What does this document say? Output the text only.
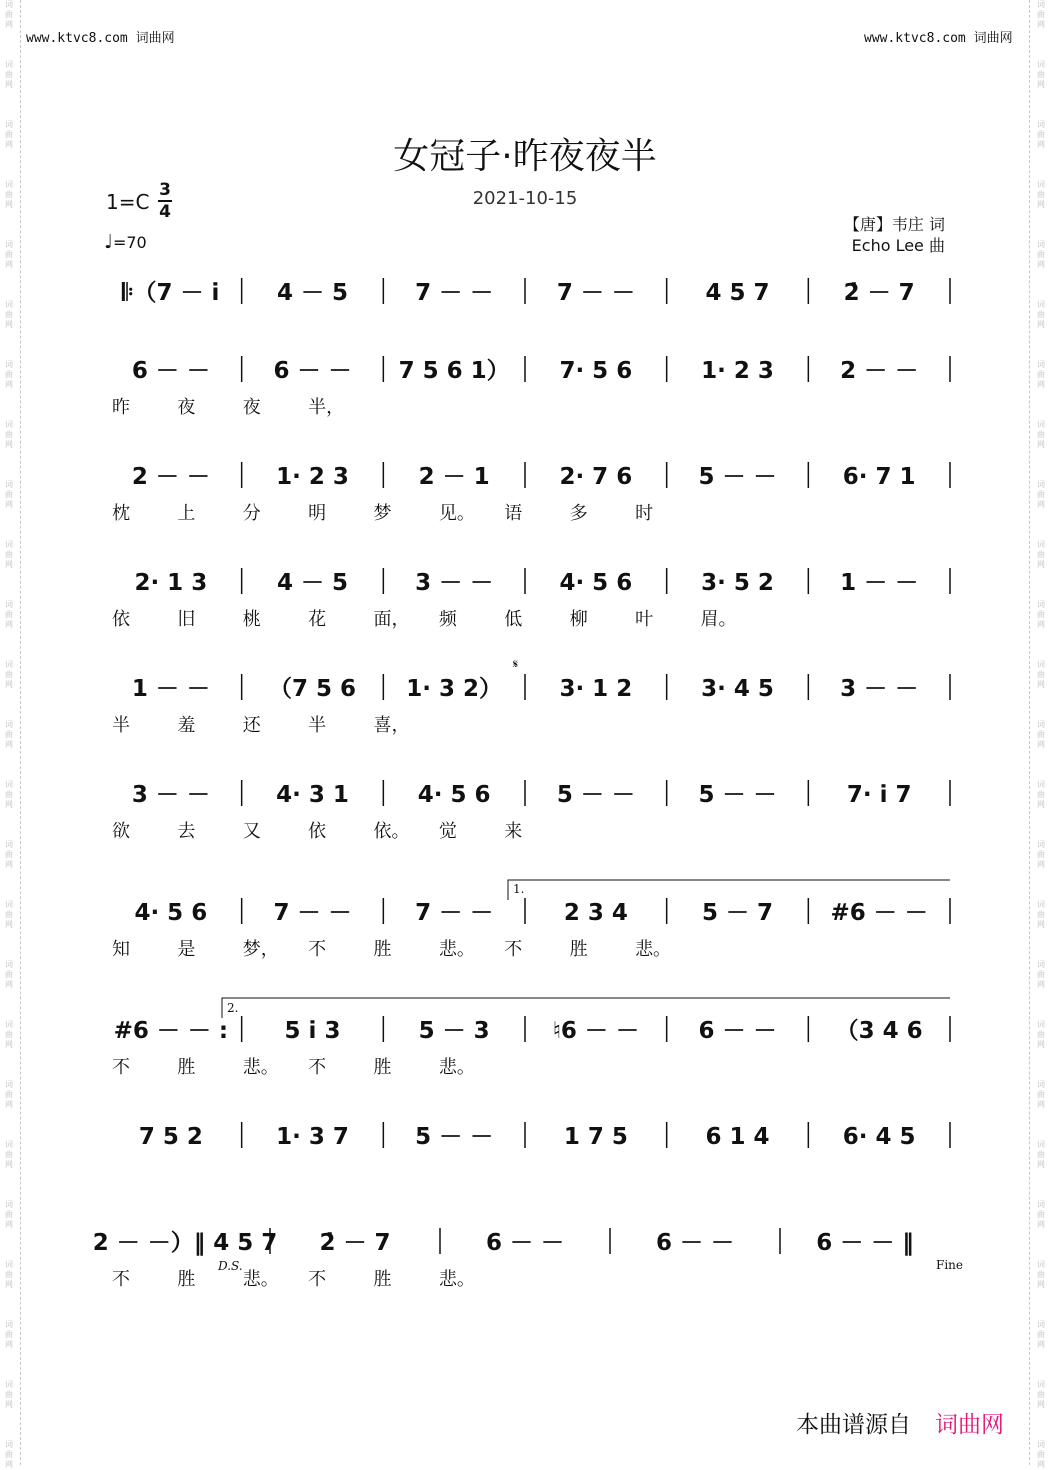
词
曲
网
词
曲
网
词
曲
网
词
曲
网
词
曲
网
词
曲
网
词
曲
网
词
曲
网
词
曲
网
词
曲
网
词
曲
网
词
曲
网
词
曲
网
词
曲
网
词
曲
网
词
曲
网
词
曲
网
词
曲
网
词
曲
网
词
曲
网
词
曲
网
词
曲
网
词
曲
网
词
曲
网
词
曲
网
词
曲
网
词
曲
网
词
曲
网
词
曲
网
词
曲
网
词
曲
网
词
曲
网
词
曲
网
词
曲
网
词
曲
网
词
曲
网
词
曲
网
词
曲
网
词
曲
网
词
曲
网
词
曲
网
词
曲
网
词
曲
网
词
曲
网
词
曲
网
词
曲
网
词
曲
网
词
曲
网
词
曲
网
词
曲
网
www.ktvc8.com 词曲网	www.ktvc8.com 词曲网
女冠子·昨夜夜半
2021-10-15
1=C 3
4
♩=70
【唐】韦庄 词
Echo Lee 曲
𝄆（7 － i̇	4 － 5	7 － －	7 － －	4 5 7	2̇ － 7
6 － －	6 － － 7 5 6 1） 7· 5 6	1· 2 3	2 － －
昨	夜	夜	半，
2 － －	1· 2 3	2 － 1	2· 7 6	5 － －	6· 7 1
枕	上	分	明	梦	见。 语	多	时
2· 1 3	4 － 5	3 － －	4· 5 6	3· 5 2	1 － －
依	旧	桃	花	面， 频	低	柳	叶	眉。
1 － －	（7 5 6 1· 3 2） 3· 1 2	3· 4 5	3 － －
半	羞	还	半	喜，
3 － －	4· 3 1	4· 5 6	5 － －	5 － －	7· i̇ 7
欲	去	又	依	依。 觉	来
4· 5 6	7 － －	7 － －	2 3 4	5 － 7	#6 － －
知	是	梦， 不	胜	悲。 不	胜	悲。
#6 － － : 5 i̇ 3	5 － 3	♮6 － －	6 － －	（3 4 6
不	胜	悲。 不	胜	悲。
7 5 2	1· 3 7	5 － －	1 7 5	6 1 4	6· 4 5
2 － －）‖ 4 5 7 2̇ － 7	6 － －	6 － －	6 － － ‖
不	胜	悲。 不	胜	悲。
𝄋
1.
2.
D.S.	Fine
本曲谱源自 词曲网
